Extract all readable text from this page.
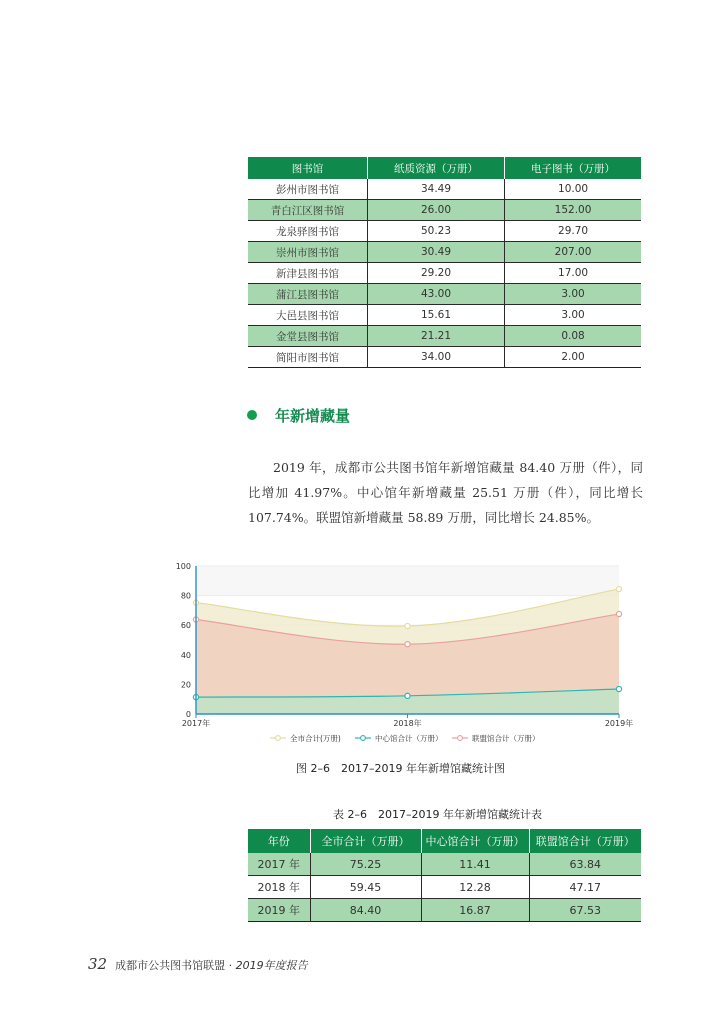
图书馆	纸质资源（万册）	电子图书（万册）
彭州市图书馆	34.49	10.00
青白江区图书馆	26.00	152.00
龙泉驿图书馆	50.23	29.70
崇州市图书馆	30.49	207.00
新津县图书馆	29.20	17.00
蒲江县图书馆	43.00	3.00
大邑县图书馆	15.61	3.00
金堂县图书馆	21.21	0.08
简阳市图书馆	34.00	2.00
年新增藏量

2019 年，成都市公共图书馆年新增馆藏量 84.40 万册（件），同比增加 41.97%。中心馆年新增藏量 25.51 万册（件），同比增长 107.74%。联盟馆新增藏量 58.89 万册，同比增长 24.85%。

0
20
40
60
80
100
2017年	2018年	2019年
全市合计(万册)	中心馆合计（万册）	联盟馆合计（万册）
图 2–6　2017–2019 年年新增馆藏统计图
表 2–6　2017–2019 年年新增馆藏统计表
年份	全市合计（万册）	中心馆合计（万册）	联盟馆合计（万册）
2017 年	75.25	11.41	63.84
2018 年	59.45	12.28	47.17
2019 年	84.40	16.87	67.53
32 成都市公共图书馆联盟 · 2019年度报告
